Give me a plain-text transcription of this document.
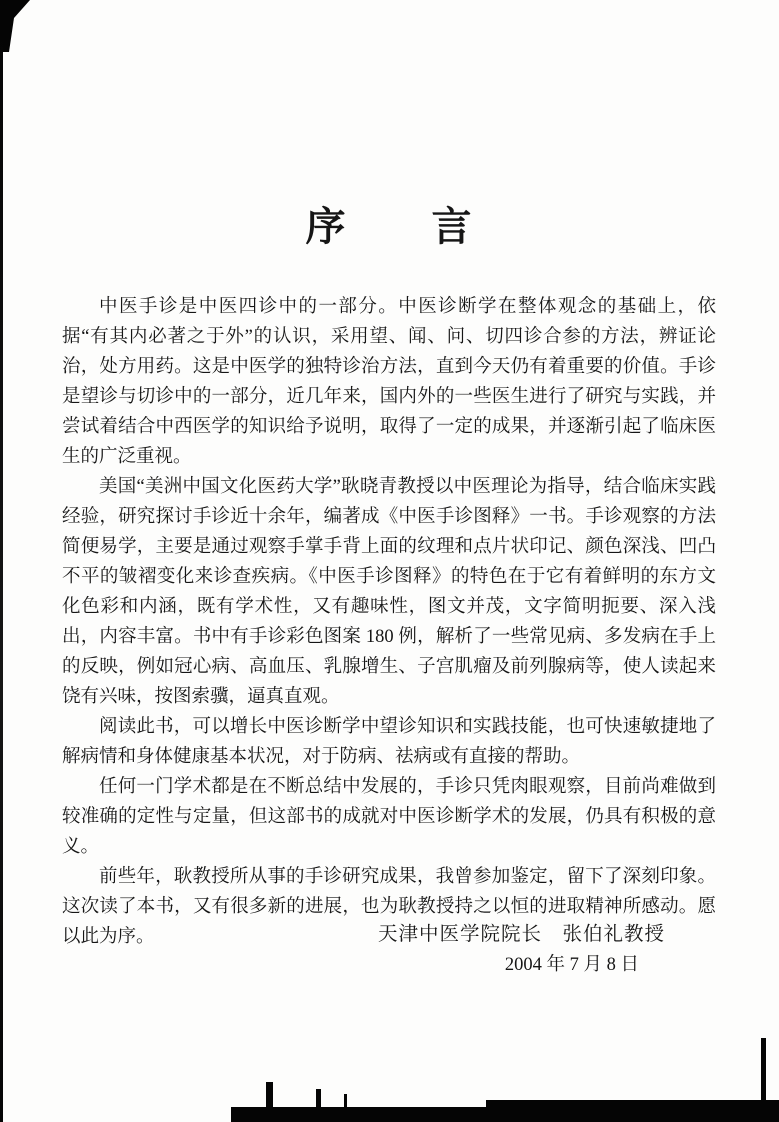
序　　言

中医手诊是中医四诊中的一部分。中医诊断学在整体观念的基础上，依据“有其内必著之于外”的认识，采用望、闻、问、切四诊合参的方法，辨证论治，处方用药。这是中医学的独特诊治方法，直到今天仍有着重要的价值。手诊是望诊与切诊中的一部分，近几年来，国内外的一些医生进行了研究与实践，并尝试着结合中西医学的知识给予说明，取得了一定的成果，并逐渐引起了临床医生的广泛重视。

美国“美洲中国文化医药大学”耿晓青教授以中医理论为指导，结合临床实践经验，研究探讨手诊近十余年，编著成《中医手诊图释》一书。手诊观察的方法简便易学，主要是通过观察手掌手背上面的纹理和点片状印记、颜色深浅、凹凸不平的皱褶变化来诊查疾病。《中医手诊图释》的特色在于它有着鲜明的东方文化色彩和内涵，既有学术性，又有趣味性，图文并茂，文字简明扼要、深入浅出，内容丰富。书中有手诊彩色图案 180 例，解析了一些常见病、多发病在手上的反映，例如冠心病、高血压、乳腺增生、子宫肌瘤及前列腺病等，使人读起来饶有兴味，按图索骥，逼真直观。

阅读此书，可以增长中医诊断学中望诊知识和实践技能，也可快速敏捷地了解病情和身体健康基本状况，对于防病、祛病或有直接的帮助。

任何一门学术都是在不断总结中发展的，手诊只凭肉眼观察，目前尚难做到较准确的定性与定量，但这部书的成就对中医诊断学术的发展，仍具有积极的意义。

前些年，耿教授所从事的手诊研究成果，我曾参加鉴定，留下了深刻印象。这次读了本书，又有很多新的进展，也为耿教授持之以恒的进取精神所感动。愿以此为序。	天津中医学院院长　张伯礼教授
2004 年 7 月 8 日
